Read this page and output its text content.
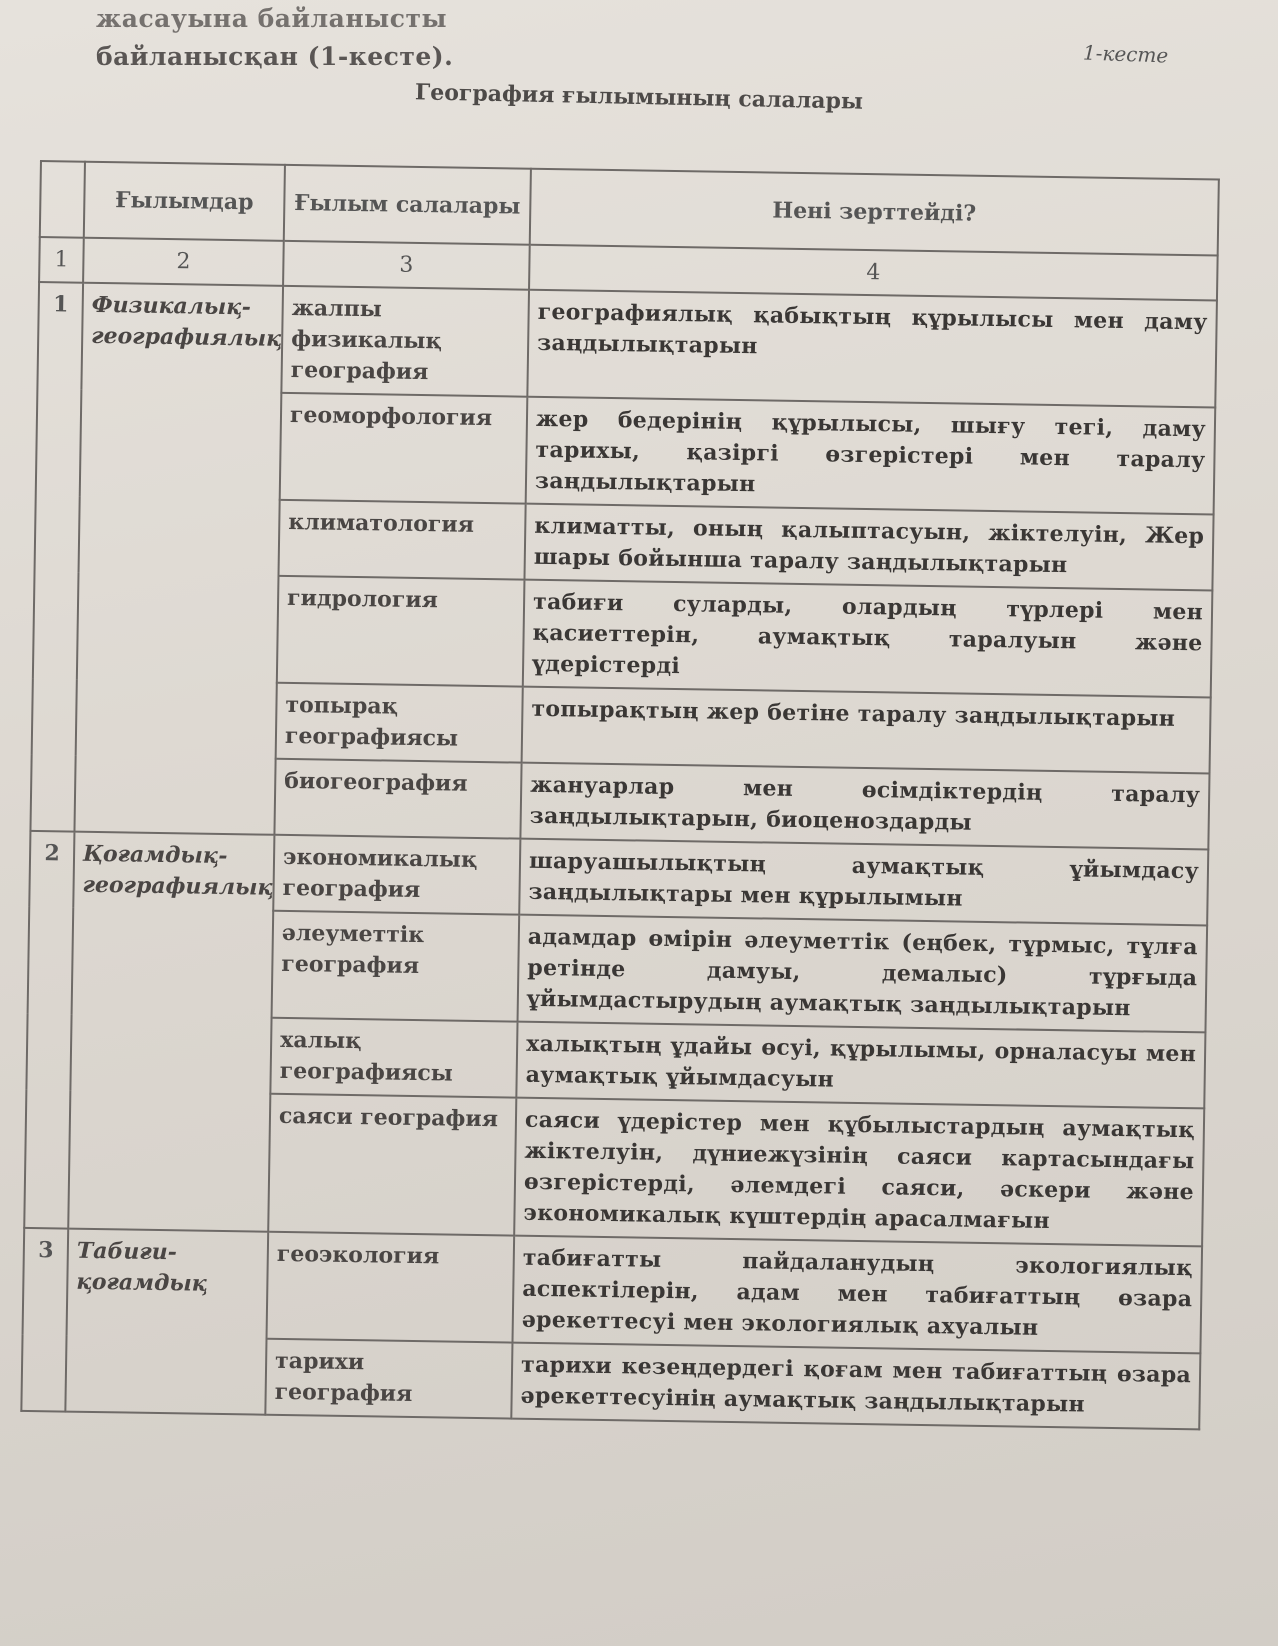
жасауына байланысты
байланысқан (1-кесте).	1-кесте
География ғылымының салалары
	Ғылымдар	Ғылым салалары	Нені зерттейді?
1	2	3	4
1	Физикалық-географиялық	жалпы физикалық география	географиялық қабықтың құрылысы мен даму заңдылықтарын
		геоморфология	жер бедерінің құрылысы, шығу тегі, даму тарихы, қазіргі өзгерістері мен таралу заңдылықтарын
		климатология	климатты, оның қалыптасуын, жіктелуін, Жер шары бойынша таралу заңдылықтарын
		гидрология	табиғи суларды, олардың түрлері мен қасиеттерін, аумақтық таралуын және үдерістерді
		топырақ географиясы	топырақтың жер бетіне таралу заңдылықтарын
		биогеография	жануарлар мен өсімдіктердің таралу заңдылықтарын, биоценоздарды
2	Қоғамдық-географиялық	экономикалық география	шаруашылықтың аумақтық ұйымдасу заңдылықтары мен құрылымын
		әлеуметтік география	адамдар өмірін әлеуметтік (еңбек, тұрмыс, тұлға ретінде дамуы, демалыс) тұрғыда ұйымдастырудың аумақтық заңдылықтарын
		халық географиясы	халықтың ұдайы өсуі, құрылымы, орналасуы мен аумақтық ұйымдасуын
		саяси география	саяси үдерістер мен құбылыстардың аумақтық жіктелуін, дүниежүзінің саяси картасындағы өзгерістерді, әлемдегі саяси, әскери және экономикалық күштердің арасалмағын
3	Табиғи-қоғамдық	геоэкология	табиғатты пайдаланудың экологиялық аспектілерін, адам мен табиғаттың өзара әрекеттесуі мен экологиялық ахуалын
		тарихи география	тарихи кезеңдердегі қоғам мен табиғаттың өзара әрекеттесуінің аумақтық заңдылықтарын
